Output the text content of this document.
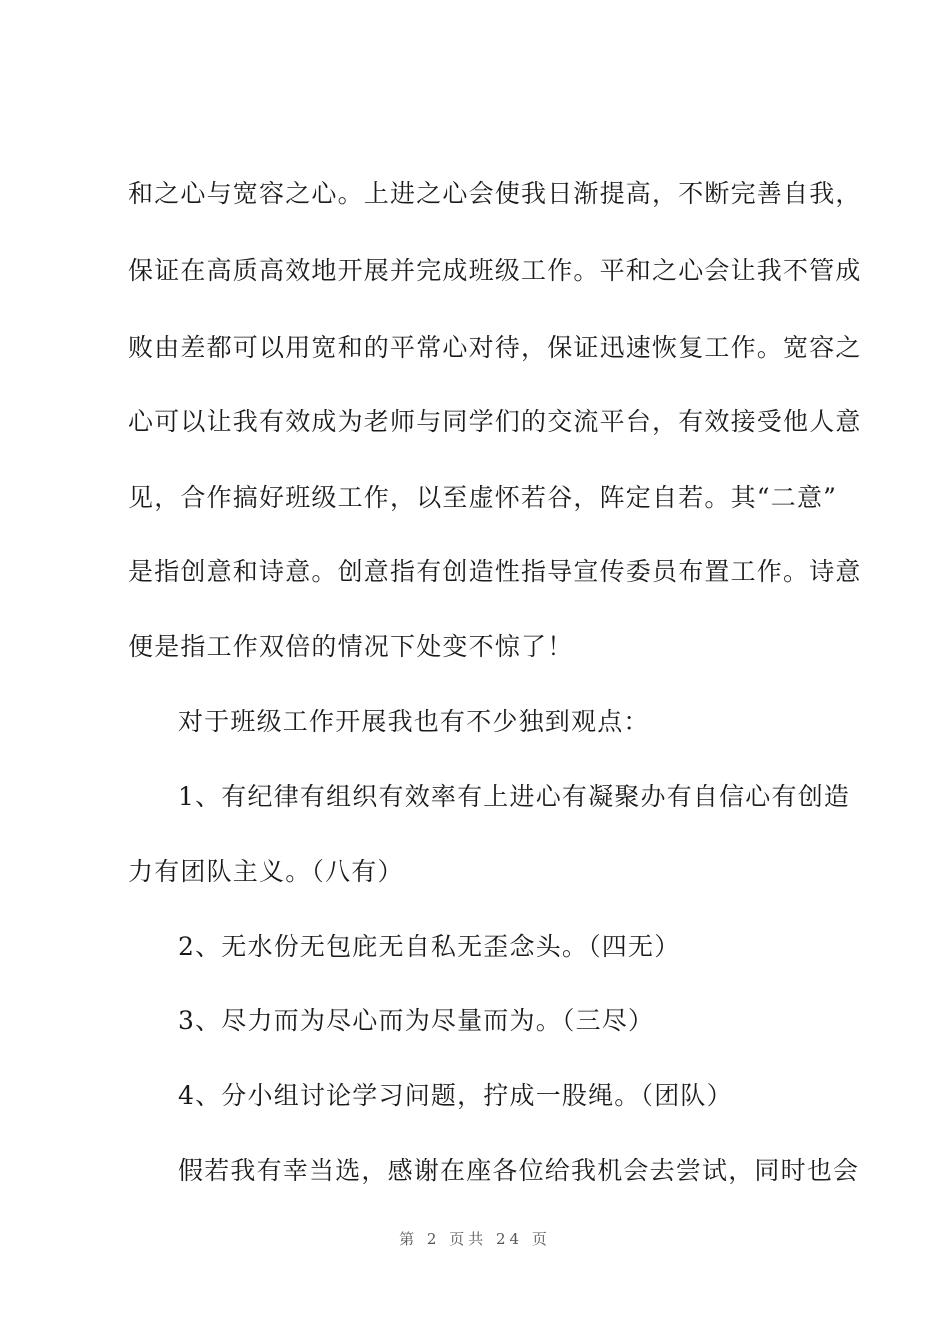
和之心与宽容之心。上进之心会使我日渐提高，不断完善自我，
保证在高质高效地开展并完成班级工作。平和之心会让我不管成
败由差都可以用宽和的平常心对待，保证迅速恢复工作。宽容之
心可以让我有效成为老师与同学们的交流平台，有效接受他人意
见，合作搞好班级工作，以至虚怀若谷，阵定自若。其“二意”
是指创意和诗意。创意指有创造性指导宣传委员布置工作。诗意
便是指工作双倍的情况下处变不惊了！
对于班级工作开展我也有不少独到观点：
1、有纪律有组织有效率有上进心有凝聚办有自信心有创造
力有团队主义。（八有）
2、无水份无包庇无自私无歪念头。（四无）
3、尽力而为尽心而为尽量而为。（三尽）
4、分小组讨论学习问题，拧成一股绳。（团队）
假若我有幸当选，感谢在座各位给我机会去尝试，同时也会
第 2 页共 24 页
